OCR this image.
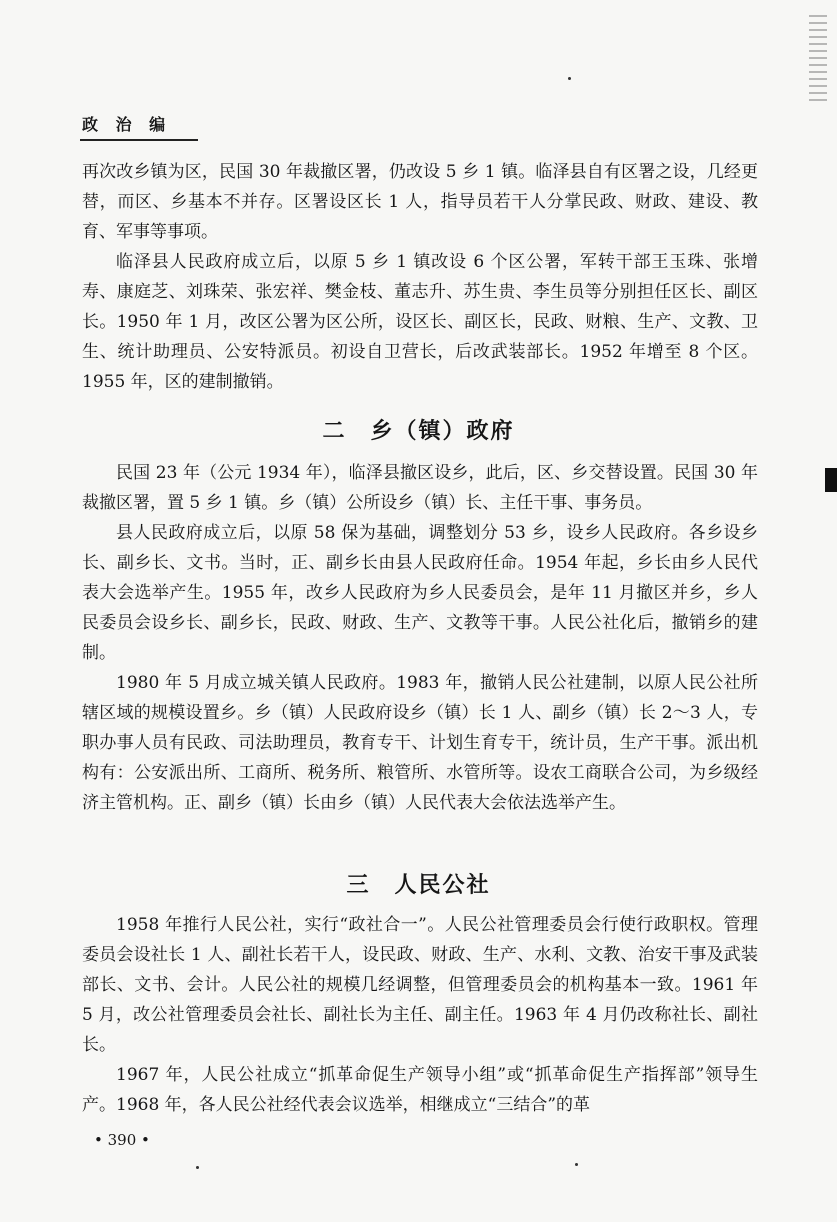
政 治 编

再次改乡镇为区，民国 30 年裁撤区署，仍改设 5 乡 1 镇。临泽县自有区署之设，几经更替，而区、乡基本不并存。区署设区长 1 人，指导员若干人分掌民政、财政、建设、教育、军事等事项。

临泽县人民政府成立后，以原 5 乡 1 镇改设 6 个区公署，军转干部王玉珠、张增寿、康庭芝、刘珠荣、张宏祥、樊金枝、董志升、苏生贵、李生员等分别担任区长、副区长。1950 年 1 月，改区公署为区公所，设区长、副区长，民政、财粮、生产、文教、卫生、统计助理员、公安特派员。初设自卫营长，后改武装部长。1952 年增至 8 个区。1955 年，区的建制撤销。

二　乡（镇）政府

民国 23 年（公元 1934 年），临泽县撤区设乡，此后，区、乡交替设置。民国 30 年裁撤区署，置 5 乡 1 镇。乡（镇）公所设乡（镇）长、主任干事、事务员。

县人民政府成立后，以原 58 保为基础，调整划分 53 乡，设乡人民政府。各乡设乡长、副乡长、文书。当时，正、副乡长由县人民政府任命。1954 年起，乡长由乡人民代表大会选举产生。1955 年，改乡人民政府为乡人民委员会，是年 11 月撤区并乡，乡人民委员会设乡长、副乡长，民政、财政、生产、文教等干事。人民公社化后，撤销乡的建制。

1980 年 5 月成立城关镇人民政府。1983 年，撤销人民公社建制，以原人民公社所辖区域的规模设置乡。乡（镇）人民政府设乡（镇）长 1 人、副乡（镇）长 2～3 人，专职办事人员有民政、司法助理员，教育专干、计划生育专干，统计员，生产干事。派出机构有：公安派出所、工商所、税务所、粮管所、水管所等。设农工商联合公司，为乡级经济主管机构。正、副乡（镇）长由乡（镇）人民代表大会依法选举产生。

三　人民公社

1958 年推行人民公社，实行“政社合一”。人民公社管理委员会行使行政职权。管理委员会设社长 1 人、副社长若干人，设民政、财政、生产、水利、文教、治安干事及武装部长、文书、会计。人民公社的规模几经调整，但管理委员会的机构基本一致。1961 年 5 月，改公社管理委员会社长、副社长为主任、副主任。1963 年 4 月仍改称社长、副社长。

1967 年，人民公社成立“抓革命促生产领导小组”或“抓革命促生产指挥部”领导生产。1968 年，各人民公社经代表会议选举，相继成立“三结合”的革

• 390 •
